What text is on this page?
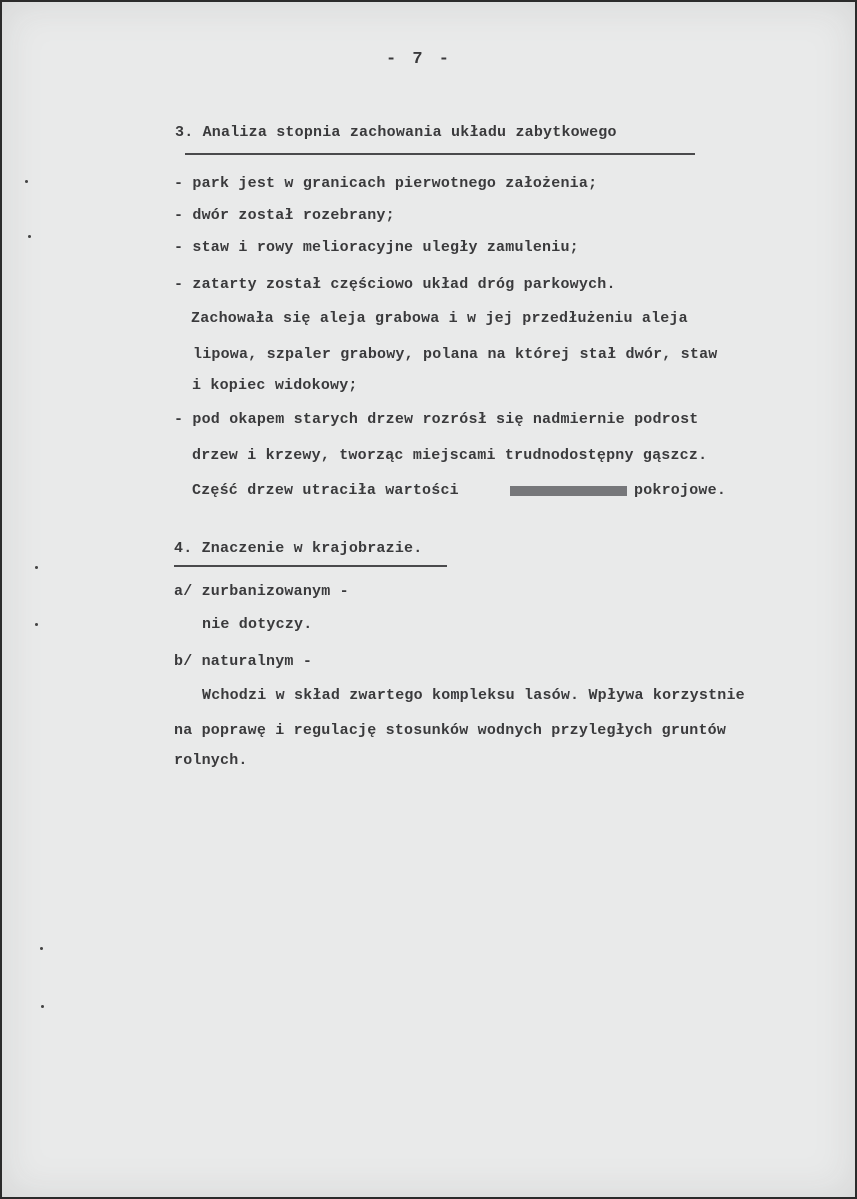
- 7 -
3. Analiza stopnia zachowania układu zabytkowego
- park jest w granicach pierwotnego założenia;
- dwór został rozebrany;
- staw i rowy melioracyjne uległy zamuleniu;
- zatarty został częściowo układ dróg parkowych.
Zachowała się aleja grabowa i w jej przedłużeniu aleja
lipowa, szpaler grabowy, polana na której stał dwór, staw
i kopiec widokowy;
- pod okapem starych drzew rozrósł się nadmiernie podrost
drzew i krzewy, tworząc miejscami trudnodostępny gąszcz.
Część drzew utraciła wartości	pokrojowe.
4. Znaczenie w krajobrazie.
a/ zurbanizowanym -
nie dotyczy.
b/ naturalnym -
Wchodzi w skład zwartego kompleksu lasów. Wpływa korzystnie
na poprawę i regulację stosunków wodnych przyległych gruntów
rolnych.
